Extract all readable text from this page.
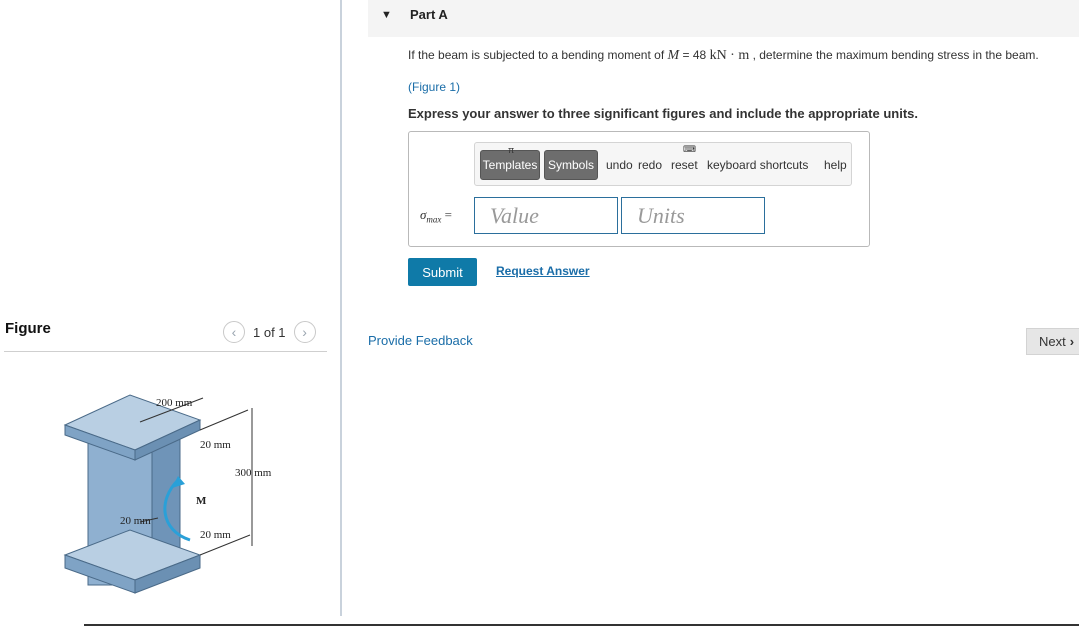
Figure	‹ 1 of 1 ›
200 mm
20 mm
300 mm
M
20 mm
20 mm
▼ Part A
If the beam is subjected to a bending moment of M = 48 kN · m , determine the maximum bending stress in the beam.
(Figure 1)
Express your answer to three significant figures and include the appropriate units.
Templates Symbols undo redo reset keyboard shortcuts help
π	⌨
$\sigma_{max}$ =	Value	Units
Submit	Request Answer
Provide Feedback	Next ›
